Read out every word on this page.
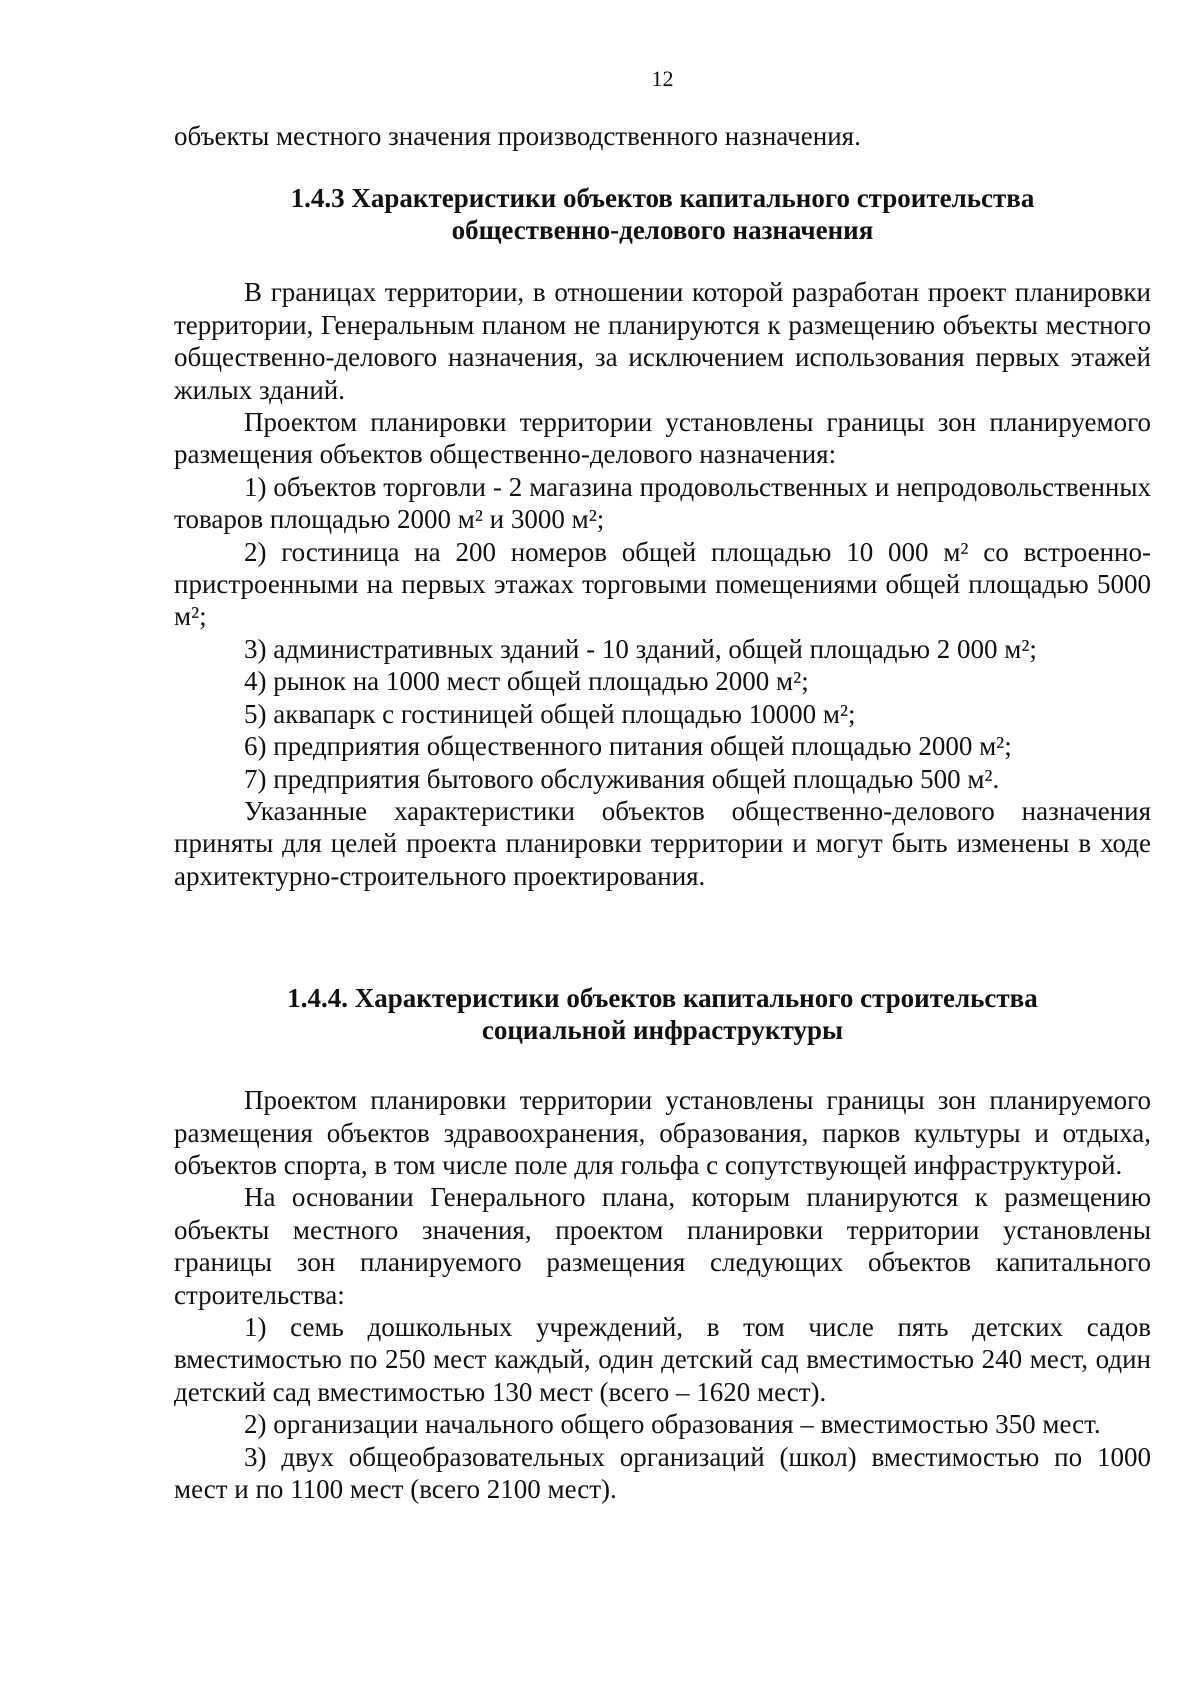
12

объекты местного значения производственного назначения.

1.4.3 Характеристики объектов капитального строительства
общественно-делового назначения

В границах территории, в отношении которой разработан проект планировки территории, Генеральным планом не планируются к размещению объекты местного общественно-делового назначения, за исключением использования первых этажей жилых зданий.

Проектом планировки территории установлены границы зон планируемого размещения объектов общественно-делового назначения:

1) объектов торговли - 2 магазина продовольственных и непродовольственных товаров площадью 2000 м² и 3000 м²;

2) гостиница на 200 номеров общей площадью 10 000 м² со встроенно-пристроенными на первых этажах торговыми помещениями общей площадью 5000 м²;

3) административных зданий - 10 зданий, общей площадью 2 000 м²;

4) рынок на 1000 мест общей площадью 2000 м²;

5) аквапарк с гостиницей общей площадью 10000 м²;

6) предприятия общественного питания общей площадью 2000 м²;

7) предприятия бытового обслуживания общей площадью 500 м².

Указанные характеристики объектов общественно-делового назначения приняты для целей проекта планировки территории и могут быть изменены в ходе архитектурно-строительного проектирования.

1.4.4. Характеристики объектов капитального строительства
социальной инфраструктуры

Проектом планировки территории установлены границы зон планируемого размещения объектов здравоохранения, образования, парков культуры и отдыха, объектов спорта, в том числе поле для гольфа с сопутствующей инфраструктурой.

На основании Генерального плана, которым планируются к размещению объекты местного значения, проектом планировки территории установлены границы зон планируемого размещения следующих объектов капитального строительства:

1) семь дошкольных учреждений, в том числе пять детских садов вместимостью по 250 мест каждый, один детский сад вместимостью 240 мест, один детский сад вместимостью 130 мест (всего – 1620 мест).

2) организации начального общего образования – вместимостью 350 мест.

3) двух общеобразовательных организаций (школ) вместимостью по 1000 мест и по 1100 мест (всего 2100 мест).
